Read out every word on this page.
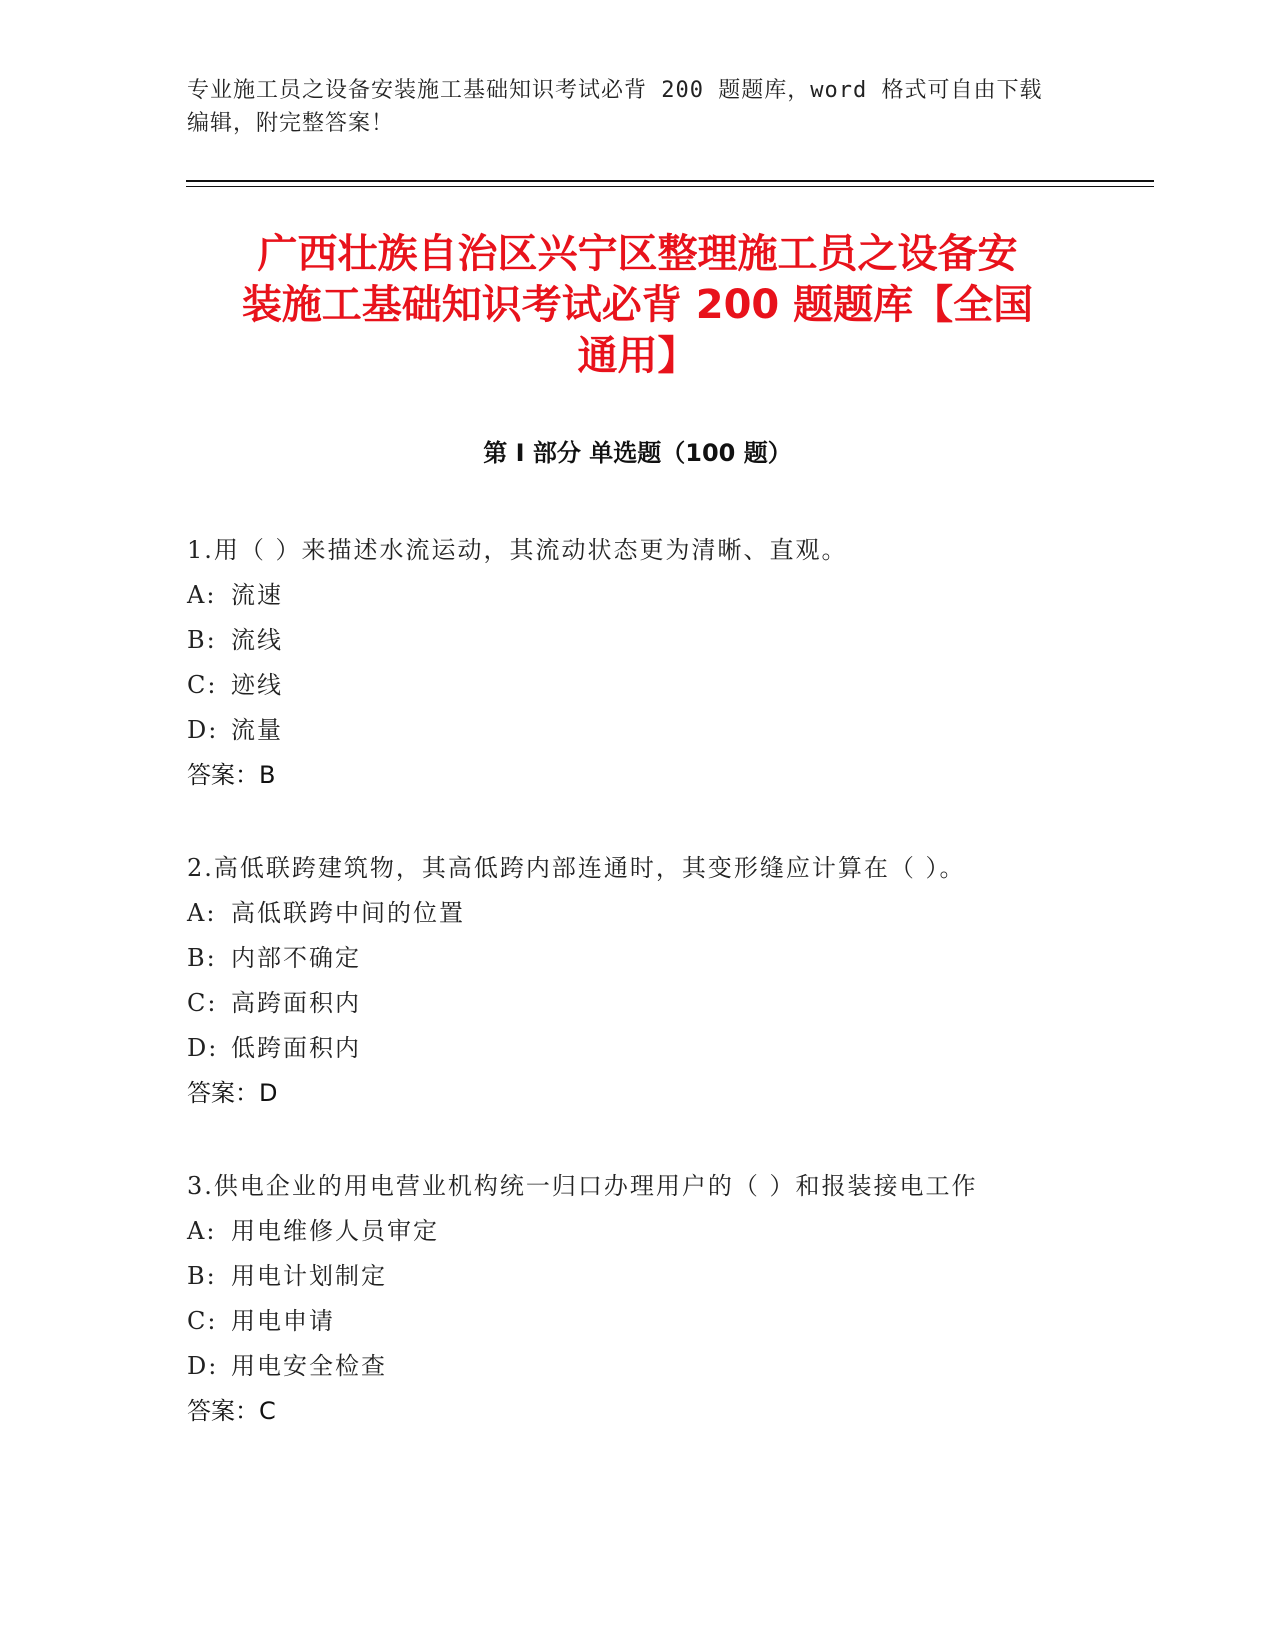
专业施工员之设备安装施工基础知识考试必背 200 题题库，word 格式可自由下载
编辑，附完整答案！
广西壮族自治区兴宁区整理施工员之设备安
装施工基础知识考试必背 200 题题库【全国
通用】
第 I 部分 单选题（100 题）
1.用（ ）来描述水流运动，其流动状态更为清晰、直观。
A: 流速
B: 流线
C: 迹线
D: 流量
答案：B
2.高低联跨建筑物，其高低跨内部连通时，其变形缝应计算在（ ）。
A: 高低联跨中间的位置
B: 内部不确定
C: 高跨面积内
D: 低跨面积内
答案：D
3.供电企业的用电营业机构统一归口办理用户的（ ）和报装接电工作
A: 用电维修人员审定
B: 用电计划制定
C: 用电申请
D: 用电安全检查
答案：C
